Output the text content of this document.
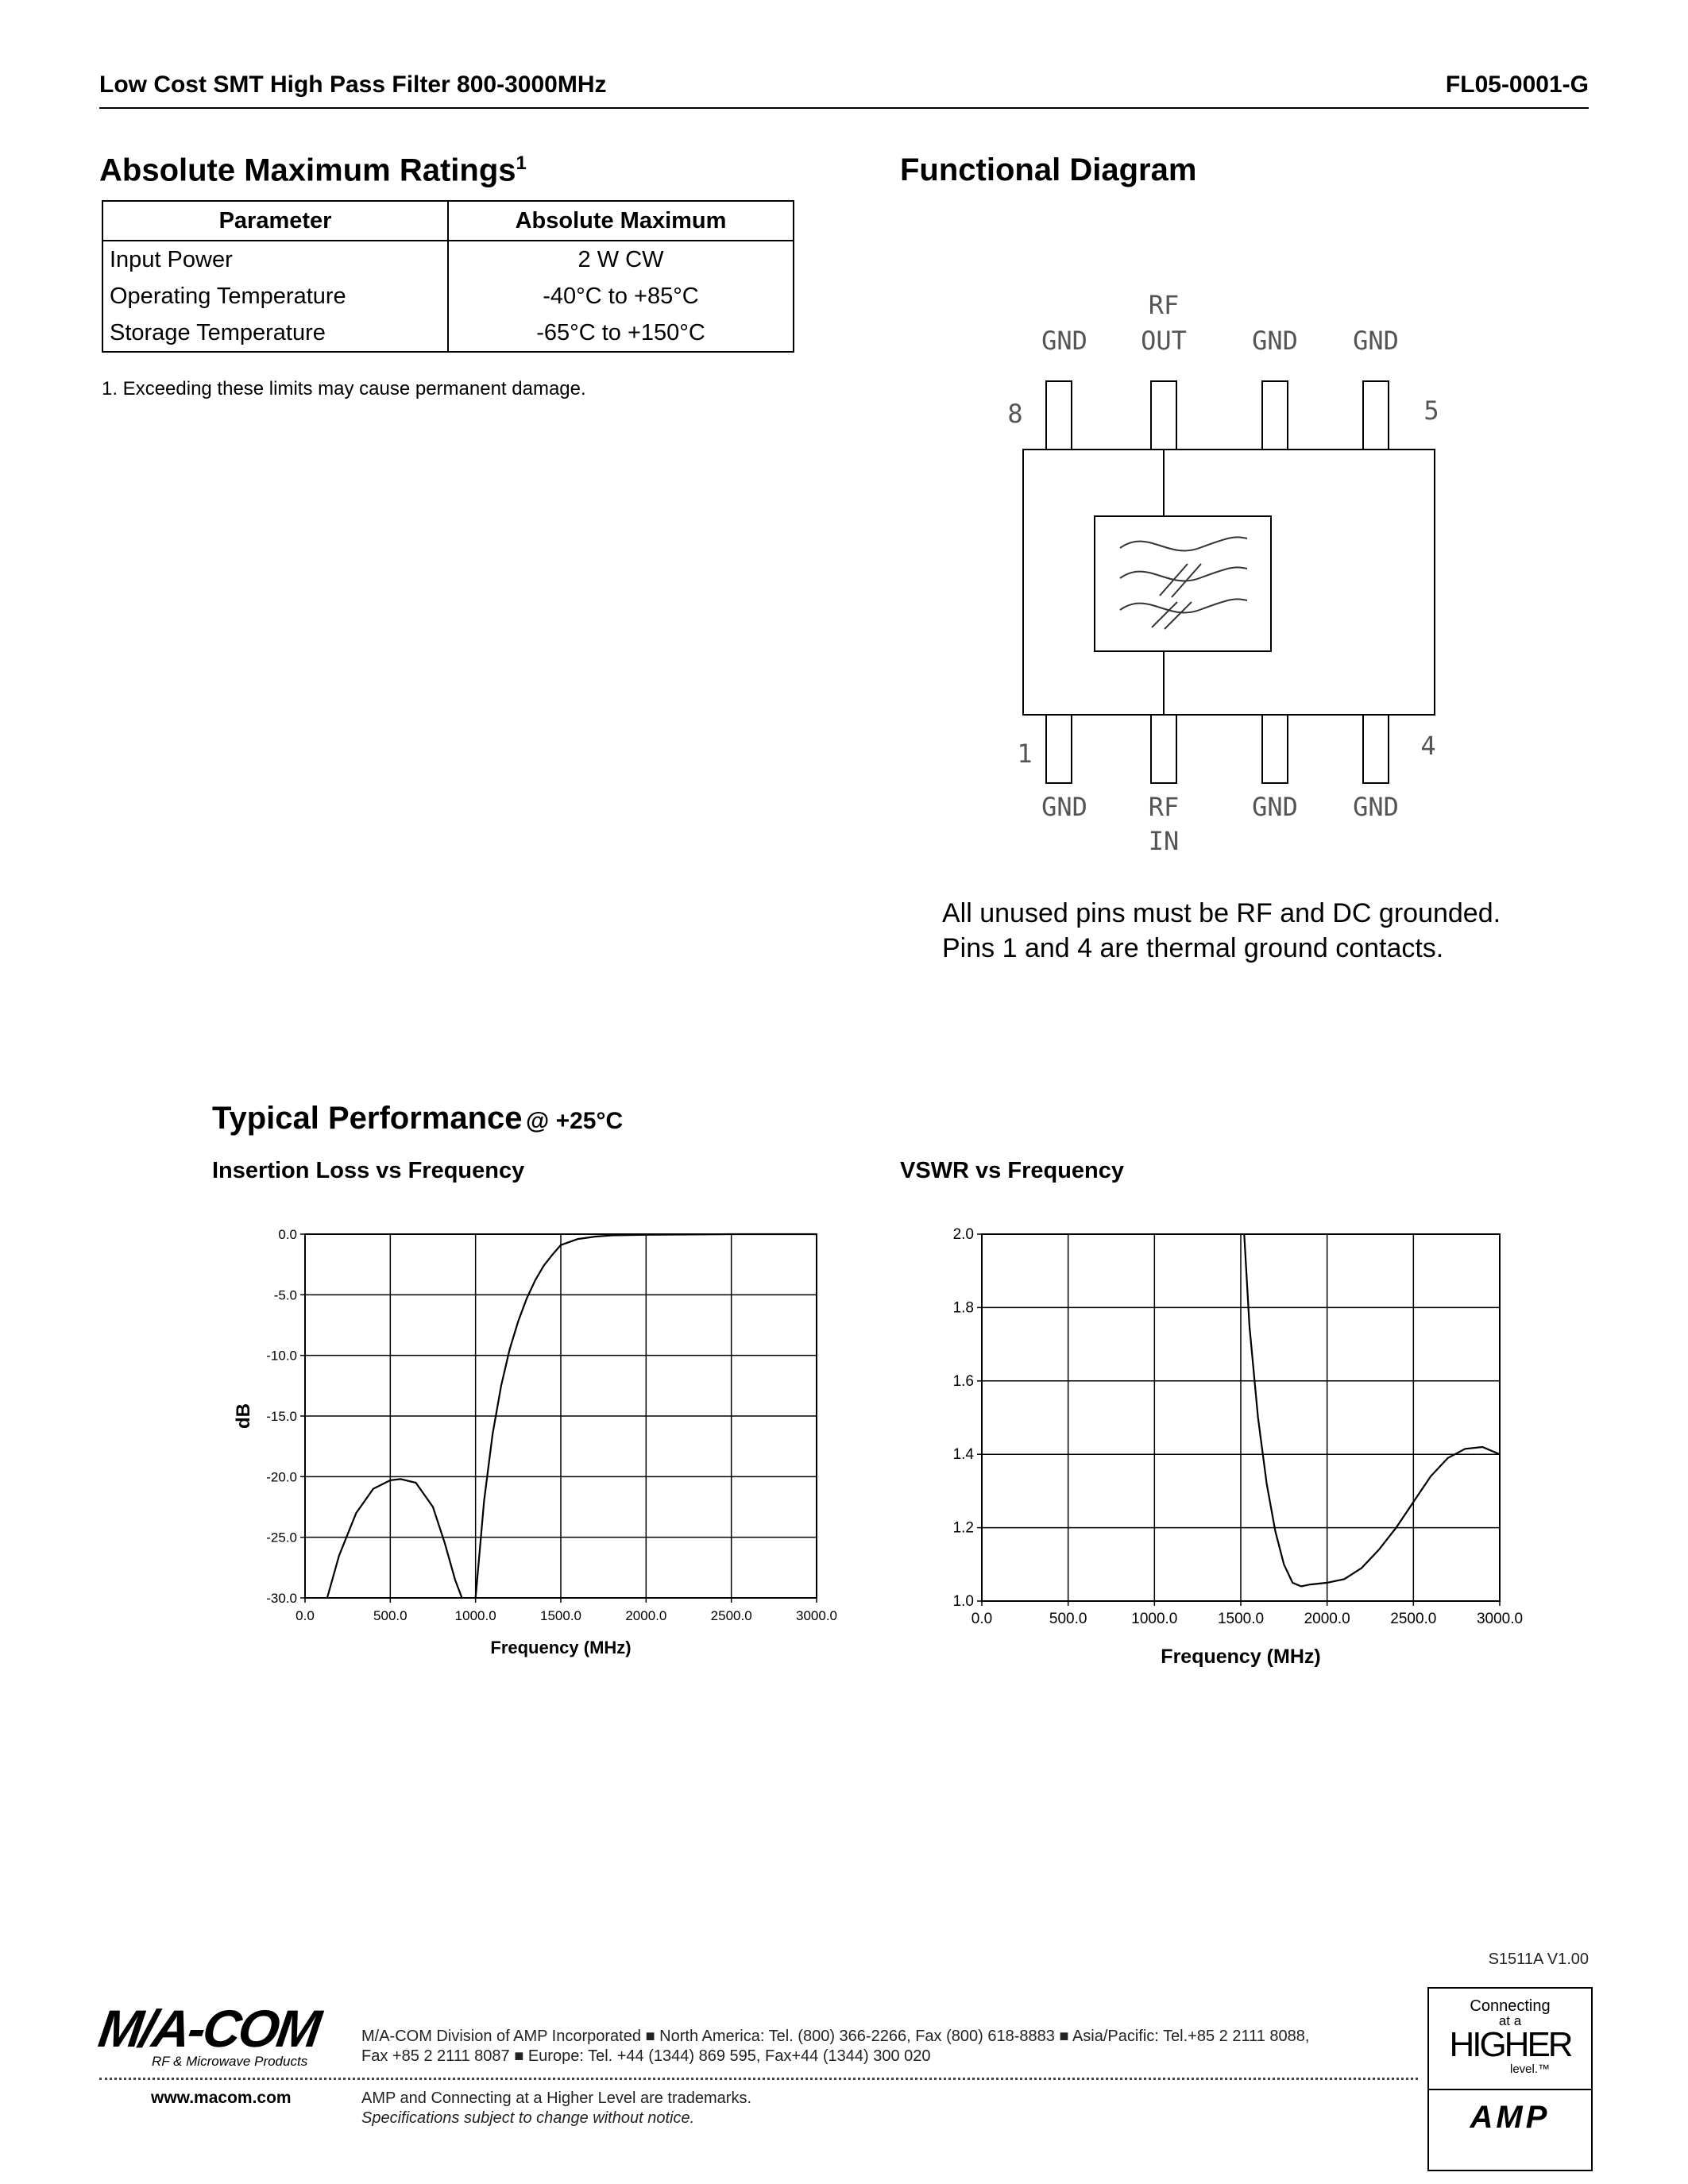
Low Cost SMT High Pass Filter 800-3000MHz	FL05-0001-G
Absolute Maximum Ratings$^1$
Parameter	Absolute Maximum
Input Power	2 W CW
Operating Temperature	-40°C to +85°C
Storage Temperature	-65°C to +150°C
1. Exceeding these limits may cause permanent damage.
Functional Diagram
GND
RF
OUT	GND GND
8	5
1	4
GND RF
IN
GND GND
All unused pins must be RF and DC grounded.
Pins 1 and 4 are thermal ground contacts.
Typical Performance @ +25°C
Insertion Loss vs Frequency	VSWR vs Frequency
0.0	500.0	1000.0	1500.0	2000.0	2500.0	3000.0
0.0
-5.0
-10.0
-15.0
-20.0
-25.0
-30.0
Frequency (MHz)
dB
0.0	500.0	1000.0	1500.0	2000.0	2500.0	3000.0
2.0
1.8
1.6
1.4
1.2
1.0
Frequency (MHz)
S1511A V1.00
M/A-COM
RF & Microwave Products
M/A-COM Division of AMP Incorporated ■ North America: Tel. (800) 366-2266, Fax (800) 618-8883 ■ Asia/Pacific: Tel.+85 2 2111 8088,
Fax +85 2 2111 8087 ■ Europe: Tel. +44 (1344) 869 595, Fax+44 (1344) 300 020
www.macom.com	AMP and Connecting at a Higher Level are trademarks.
Specifications subject to change without notice.
Connecting
at a
HIGHER
level.™
AMP
